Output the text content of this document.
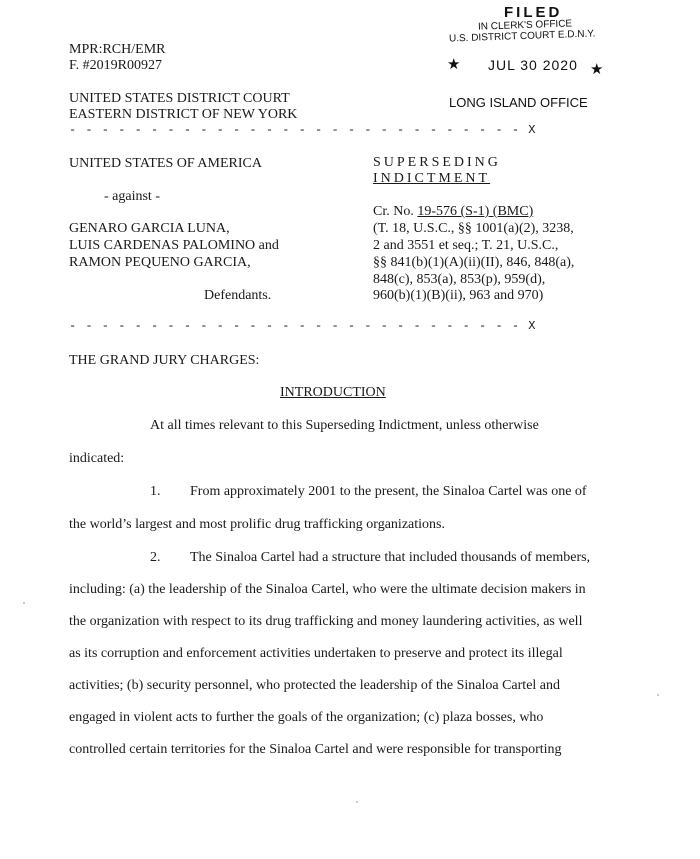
MPR:RCH/EMR
F. #2019R00927
FILED
IN CLERK'S OFFICE
U.S. DISTRICT COURT E.D.N.Y.
★ JUL 30 2020 ★
LONG ISLAND OFFICE
UNITED STATES DISTRICT COURT
EASTERN DISTRICT OF NEW YORK
- - - - - - - - - - - - - - - - - - - - - - - - - - - - X
UNITED STATES OF AMERICA
- against -
GENARO GARCIA LUNA,
LUIS CARDENAS PALOMINO and
RAMON PEQUENO GARCIA,
Defendants.
- - - - - - - - - - - - - - - - - - - - - - - - - - - - X
SUPERSEDING
INDICTMENT
Cr. No. 19-576 (S-1) (BMC)
(T. 18, U.S.C., §§ 1001(a)(2), 3238,
2 and 3551 et seq.; T. 21, U.S.C.,
§§ 841(b)(1)(A)(ii)(II), 846, 848(a),
848(c), 853(a), 853(p), 959(d),
960(b)(1)(B)(ii), 963 and 970)
THE GRAND JURY CHARGES:
INTRODUCTION
At all times relevant to this Superseding Indictment, unless otherwise
indicated:
1. From approximately 2001 to the present, the Sinaloa Cartel was one of
the world’s largest and most prolific drug trafficking organizations.
2. The Sinaloa Cartel had a structure that included thousands of members,
including: (a) the leadership of the Sinaloa Cartel, who were the ultimate decision makers in
the organization with respect to its drug trafficking and money laundering activities, as well
as its corruption and enforcement activities undertaken to preserve and protect its illegal
activities; (b) security personnel, who protected the leadership of the Sinaloa Cartel and
engaged in violent acts to further the goals of the organization; (c) plaza bosses, who
controlled certain territories for the Sinaloa Cartel and were responsible for transporting
